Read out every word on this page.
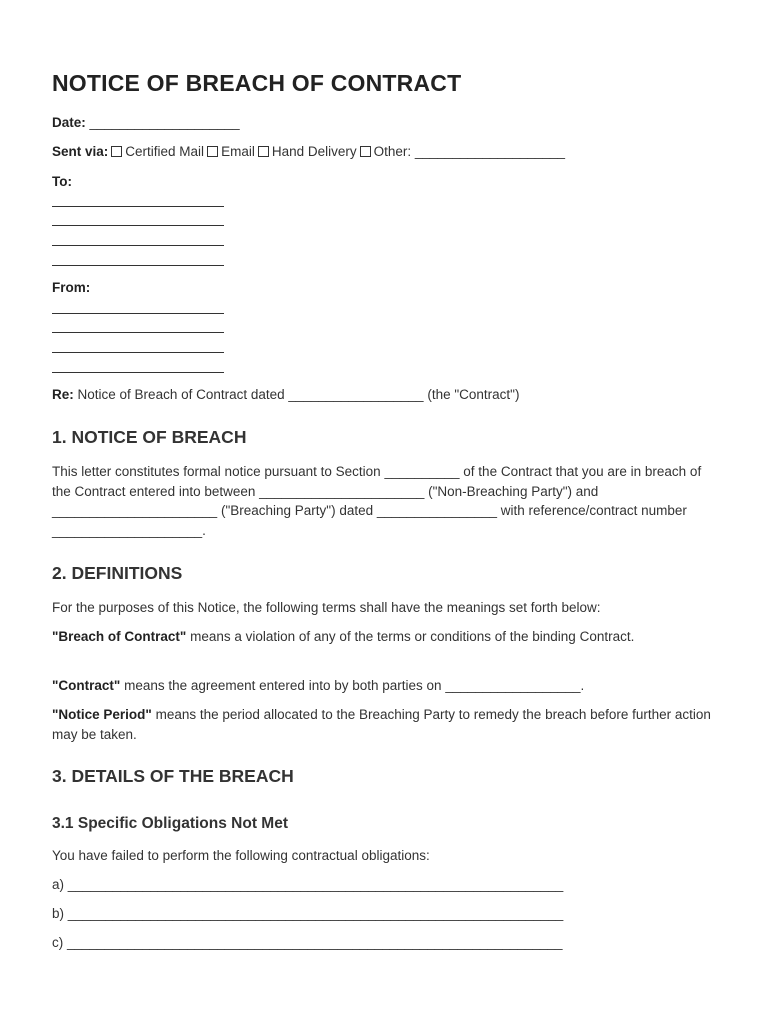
NOTICE OF BREACH OF CONTRACT
Date: ____________________
Sent via: Certified Mail Email Hand Delivery Other: ____________________
To:
From:
Re: Notice of Breach of Contract dated __________________ (the "Contract")
1. NOTICE OF BREACH

This letter constitutes formal notice pursuant to Section __________ of the Contract that you are in breach of the Contract entered into between ______________________ ("Non-Breaching Party") and ______________________ ("Breaching Party") dated ________________ with reference/contract number ____________________.

2. DEFINITIONS

For the purposes of this Notice, the following terms shall have the meanings set forth below:

"Breach of Contract" means a violation of any of the terms or conditions of the binding Contract.

"Contract" means the agreement entered into by both parties on __________________.

"Notice Period" means the period allocated to the Breaching Party to remedy the breach before further action may be taken.

3. DETAILS OF THE BREACH
3.1 Specific Obligations Not Met

You have failed to perform the following contractual obligations:

a) __________________________________________________________________
b) __________________________________________________________________
c) __________________________________________________________________
